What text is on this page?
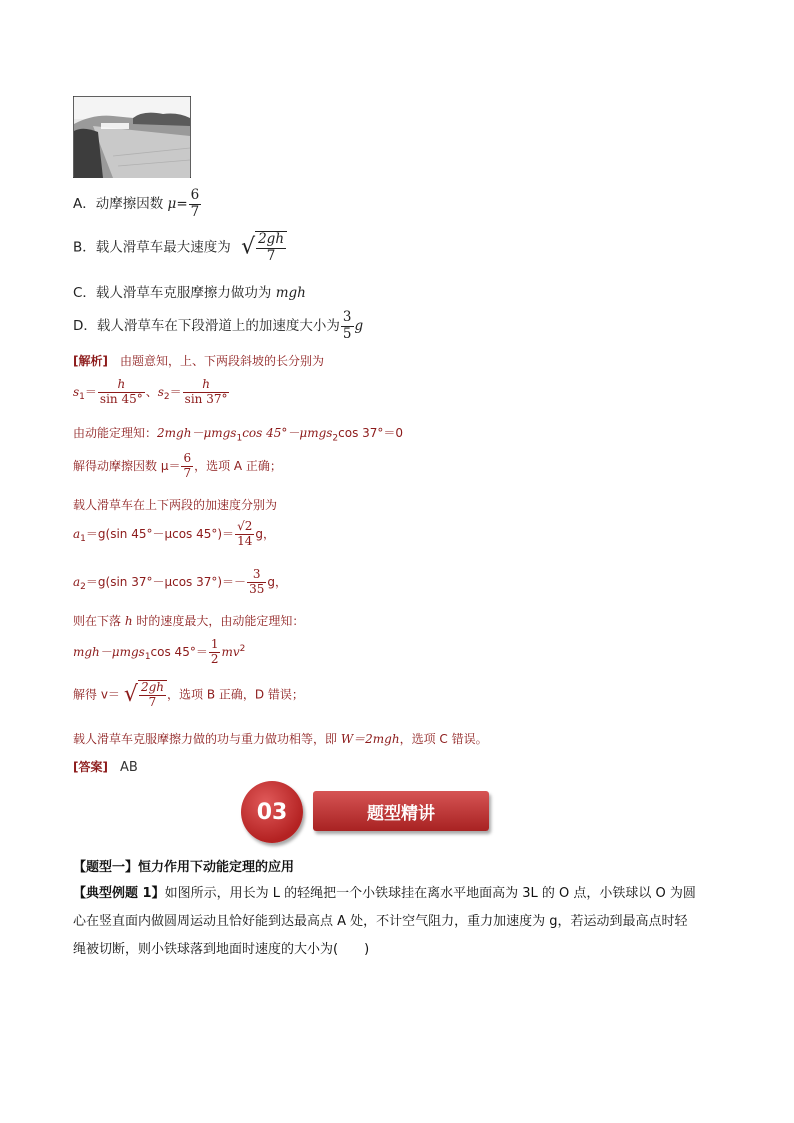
A．动摩擦因数 $\mu= \frac{6}{7}$
B．载人滑草车最大速度为 √ $\frac{2gh}{7}$
C．载人滑草车克服摩擦力做功为 mgh
D．载人滑草车在下段滑道上的加速度大小为 $\frac{3}{5}$ g
[解析]　 由题意知，上、下两段斜坡的长分别为
$s_1= \frac{h}{\sin 45^\circ}$ 、$s_2= \frac{h}{\sin 37^\circ}$
由动能定理知：2mgh－μmgs$_1$cos 45°－μmgs$_2$cos 37°＝0
解得动摩擦因数 $\mu= \frac{6}{7}$ ，选项 A 正确；
载人滑草车在上下两段的加速度分别为
$a_1=g(\sin$ 45°－μcos $45^\circ)= \frac{√2}{14}$ g，
$a_2=g(\sin$ 37°－μcos $37^\circ)=- \frac{3}{35}$ g，
则在下落 h 时的速度最大，由动能定理知：
mgh－μmgs$_1$cos $45^\circ= \frac{1}{2} mv^2$
解得 v＝ √ $\frac{2gh}{7}$ ，选项 B 正确，D 错误；
载人滑草车克服摩擦力做的功与重力做功相等，即 W＝2mgh，选项 C 错误。
[答案]　 AB
题型精讲
03
【题型一】恒力作用下动能定理的应用
【典型例题 1】如图所示，用长为 L 的轻绳把一个小铁球挂在离水平地面高为 3L 的 O 点，小铁球以 O 为圆
心在竖直面内做圆周运动且恰好能到达最高点 A 处，不计空气阻力，重力加速度为 g，若运动到最高点时轻
绳被切断，则小铁球落到地面时速度的大小为(　　)
